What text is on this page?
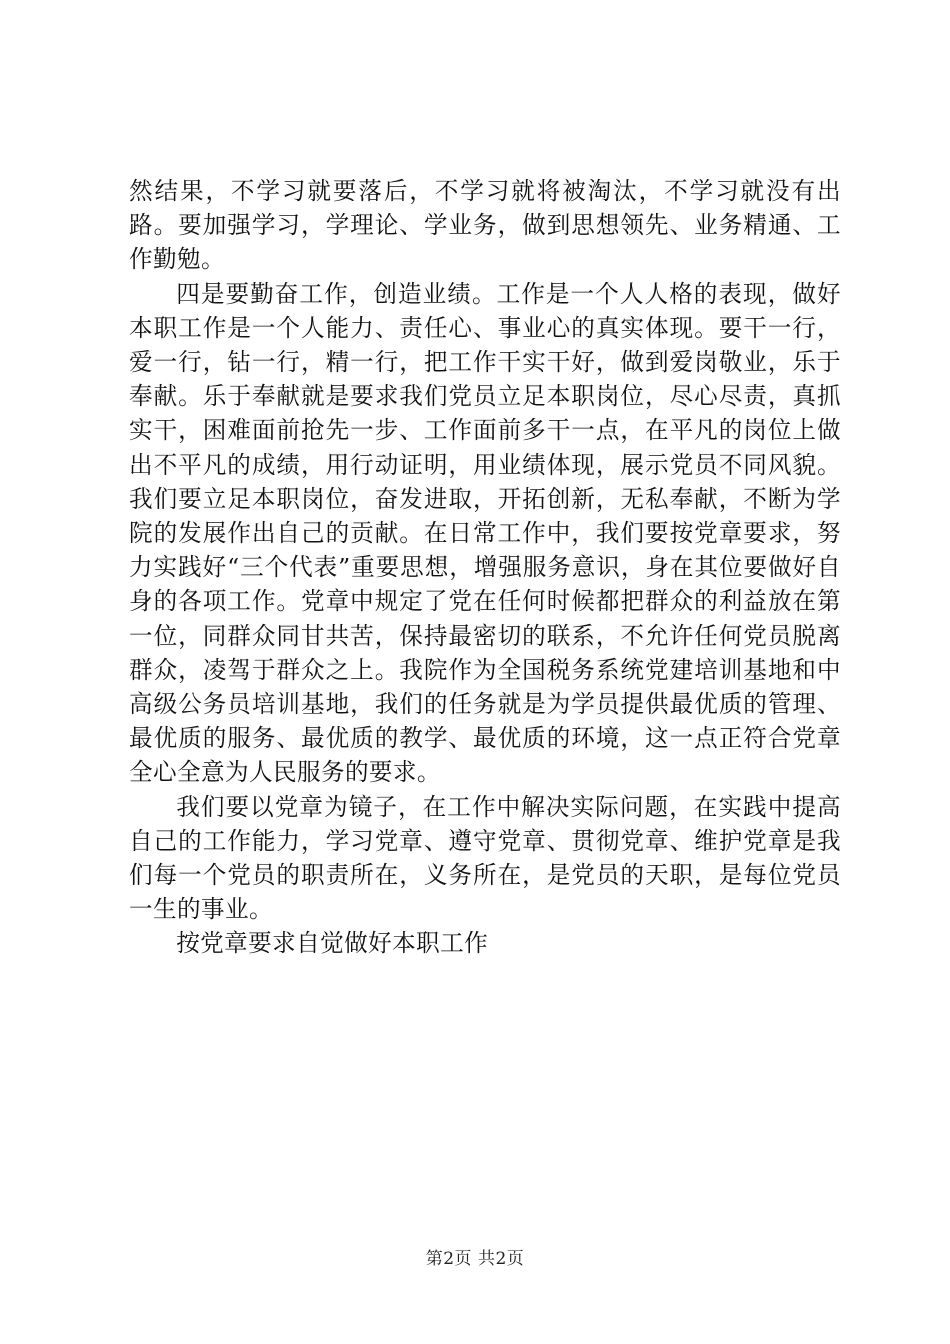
然结果，不学习就要落后，不学习就将被淘汰，不学习就没有出路。要加强学习，学理论、学业务，做到思想领先、业务精通、工作勤勉。

四是要勤奋工作，创造业绩。工作是一个人人格的表现，做好本职工作是一个人能力、责任心、事业心的真实体现。要干一行，爱一行，钻一行，精一行，把工作干实干好，做到爱岗敬业，乐于奉献。乐于奉献就是要求我们党员立足本职岗位，尽心尽责，真抓实干，困难面前抢先一步、工作面前多干一点，在平凡的岗位上做出不平凡的成绩，用行动证明，用业绩体现，展示党员不同风貌。我们要立足本职岗位，奋发进取，开拓创新，无私奉献，不断为学院的发展作出自己的贡献。在日常工作中，我们要按党章要求，努力实践好“三个代表”重要思想，增强服务意识，身在其位要做好自身的各项工作。党章中规定了党在任何时候都把群众的利益放在第一位，同群众同甘共苦，保持最密切的联系，不允许任何党员脱离群众，凌驾于群众之上。我院作为全国税务系统党建培训基地和中高级公务员培训基地，我们的任务就是为学员提供最优质的管理、最优质的服务、最优质的教学、最优质的环境，这一点正符合党章全心全意为人民服务的要求。

我们要以党章为镜子，在工作中解决实际问题，在实践中提高自己的工作能力，学习党章、遵守党章、贯彻党章、维护党章是我们每一个党员的职责所在，义务所在，是党员的天职，是每位党员一生的事业。

按党章要求自觉做好本职工作

第2页 共2页
